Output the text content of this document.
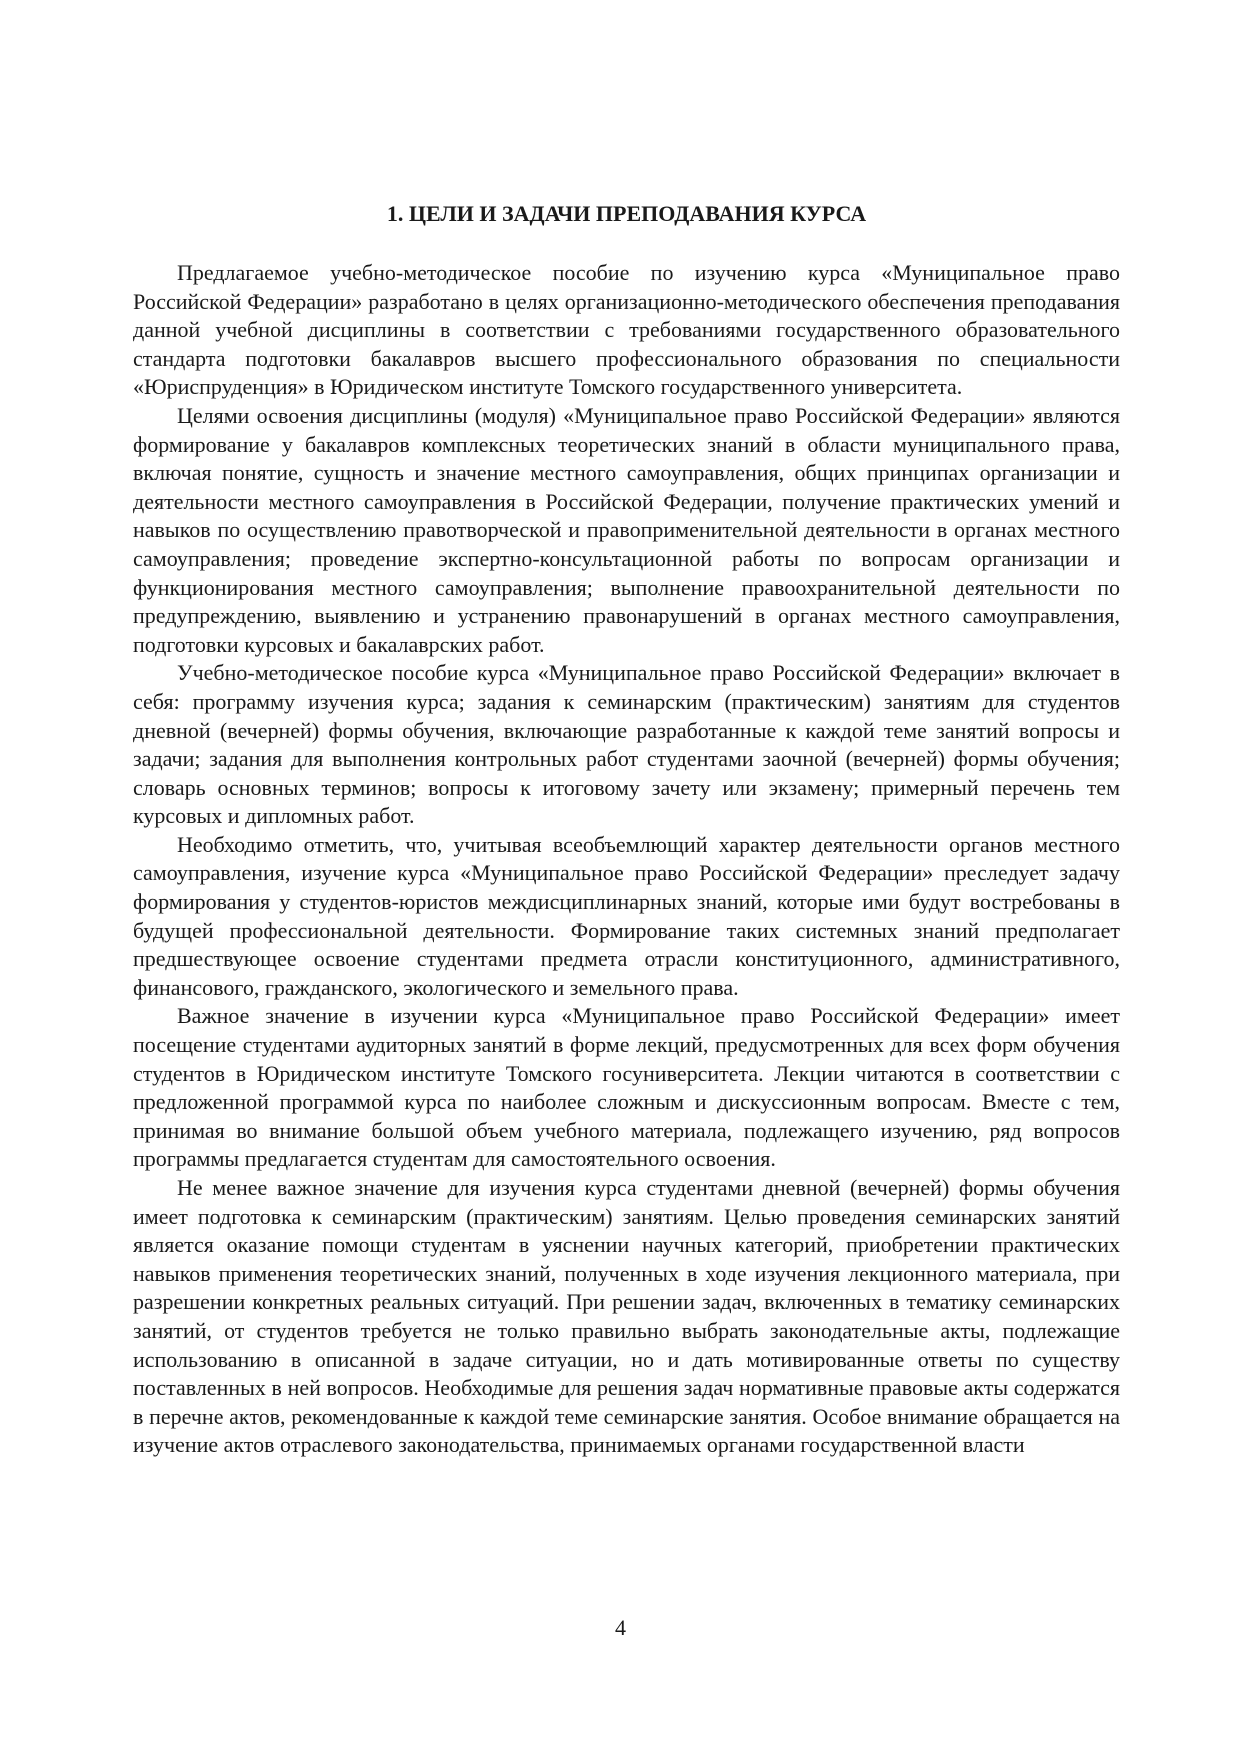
1. ЦЕЛИ И ЗАДАЧИ ПРЕПОДАВАНИЯ КУРСА

Предлагаемое учебно-методическое пособие по изучению курса «Муниципальное право Российской Федерации» разработано в целях организационно-методического обеспечения преподавания данной учебной дисциплины в соответствии с требованиями государственного образовательного стандарта подготовки бакалавров высшего профессионального образования по специальности «Юриспруденция» в Юридическом институте Томского государственного университета.

Целями освоения дисциплины (модуля) «Муниципальное право Российской Федерации» являются формирование у бакалавров комплексных теоретических знаний в области муниципального права, включая понятие, сущность и значение местного самоуправления, общих принципах организации и деятельности местного самоуправления в Российской Федерации, получение практических умений и навыков по осуществлению правотворческой и правоприменительной деятельности в органах местного самоуправления; проведение экспертно-консультационной работы по вопросам организации и функционирования местного самоуправления; выполнение правоохранительной деятельности по предупреждению, выявлению и устранению правонарушений в органах местного самоуправления, подготовки курсовых и бакалаврских работ.

Учебно-методическое пособие курса «Муниципальное право Российской Федерации» включает в себя: программу изучения курса; задания к семинарским (практическим) занятиям для студентов дневной (вечерней) формы обучения, включающие разработанные к каждой теме занятий вопросы и задачи; задания для выполнения контрольных работ студентами заочной (вечерней) формы обучения; словарь основных терминов; вопросы к итоговому зачету или экзамену; примерный перечень тем курсовых и дипломных работ.

Необходимо отметить, что, учитывая всеобъемлющий характер деятельности органов местного самоуправления, изучение курса «Муниципальное право Российской Федерации» преследует задачу формирования у студентов-юристов междисциплинарных знаний, которые ими будут востребованы в будущей профессиональной деятельности. Формирование таких системных знаний предполагает предшествующее освоение студентами предмета отрасли конституционного, административного, финансового, гражданского, экологического и земельного права.

Важное значение в изучении курса «Муниципальное право Российской Федерации» имеет посещение студентами аудиторных занятий в форме лекций, предусмотренных для всех форм обучения студентов в Юридическом институте Томского госуниверситета. Лекции читаются в соответствии с предложенной программой курса по наиболее сложным и дискуссионным вопросам. Вместе с тем, принимая во внимание большой объем учебного материала, подлежащего изучению, ряд вопросов программы предлагается студентам для самостоятельного освоения.

Не менее важное значение для изучения курса студентами дневной (вечерней) формы обучения имеет подготовка к семинарским (практическим) занятиям. Целью проведения семинарских занятий является оказание помощи студентам в уяснении научных категорий, приобретении практических навыков применения теоретических знаний, полученных в ходе изучения лекционного материала, при разрешении конкретных реальных ситуаций. При решении задач, включенных в тематику семинарских занятий, от студентов требуется не только правильно выбрать законодательные акты, подлежащие использованию в описанной в задаче ситуации, но и дать мотивированные ответы по существу поставленных в ней вопросов. Необходимые для решения задач нормативные правовые акты содержатся в перечне актов, рекомендованные к каждой теме семинарские занятия. Особое внимание обращается на изучение актов отраслевого законодательства, принимаемых органами государственной власти

4
